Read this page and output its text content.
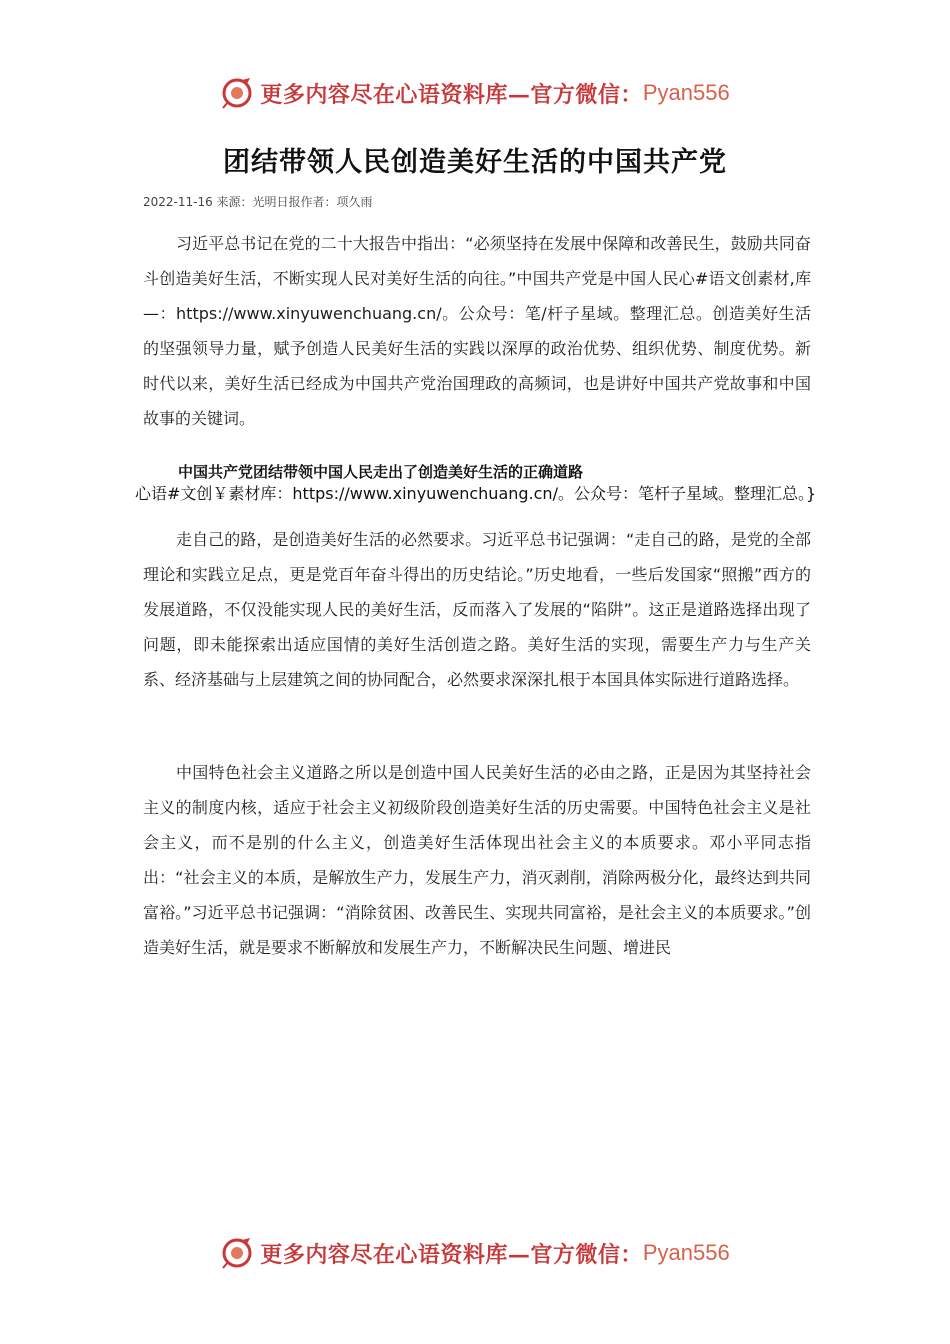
更多内容尽在心语资料库—官方微信： Pyan556
团结带领人民创造美好生活的中国共产党
2022-11-16 来源：光明日报作者：项久雨
习近平总书记在党的二十大报告中指出：“必须坚持在发展中保障和改善民生，鼓励共同奋斗创造美好生活，不断实现人民对美好生活的向往。”中国共产党是中国人民心#语文创素材,库—：https://www.xinyuwenchuang.cn/。公众号：笔/杆子星域。整理汇总。创造美好生活的坚强领导力量，赋予创造人民美好生活的实践以深厚的政治优势、组织优势、制度优势。新时代以来，美好生活已经成为中国共产党治国理政的高频词，也是讲好中国共产党故事和中国故事的关键词。
中国共产党团结带领中国人民走出了创造美好生活的正确道路
心语#文创￥素材库：https://www.xinyuwenchuang.cn/。公众号：笔杆子星域。整理汇总。}
走自己的路，是创造美好生活的必然要求。习近平总书记强调：“走自己的路，是党的全部理论和实践立足点，更是党百年奋斗得出的历史结论。”历史地看，一些后发国家“照搬”西方的发展道路，不仅没能实现人民的美好生活，反而落入了发展的“陷阱”。这正是道路选择出现了问题，即未能探索出适应国情的美好生活创造之路。美好生活的实现，需要生产力与生产关系、经济基础与上层建筑之间的协同配合，必然要求深深扎根于本国具体实际进行道路选择。
中国特色社会主义道路之所以是创造中国人民美好生活的必由之路，正是因为其坚持社会主义的制度内核，适应于社会主义初级阶段创造美好生活的历史需要。中国特色社会主义是社会主义，而不是别的什么主义，创造美好生活体现出社会主义的本质要求。邓小平同志指出：“社会主义的本质，是解放生产力，发展生产力，消灭剥削，消除两极分化，最终达到共同富裕。”习近平总书记强调：“消除贫困、改善民生、实现共同富裕，是社会主义的本质要求。”创造美好生活，就是要求不断解放和发展生产力，不断解决民生问题、增进民
更多内容尽在心语资料库—官方微信： Pyan556
